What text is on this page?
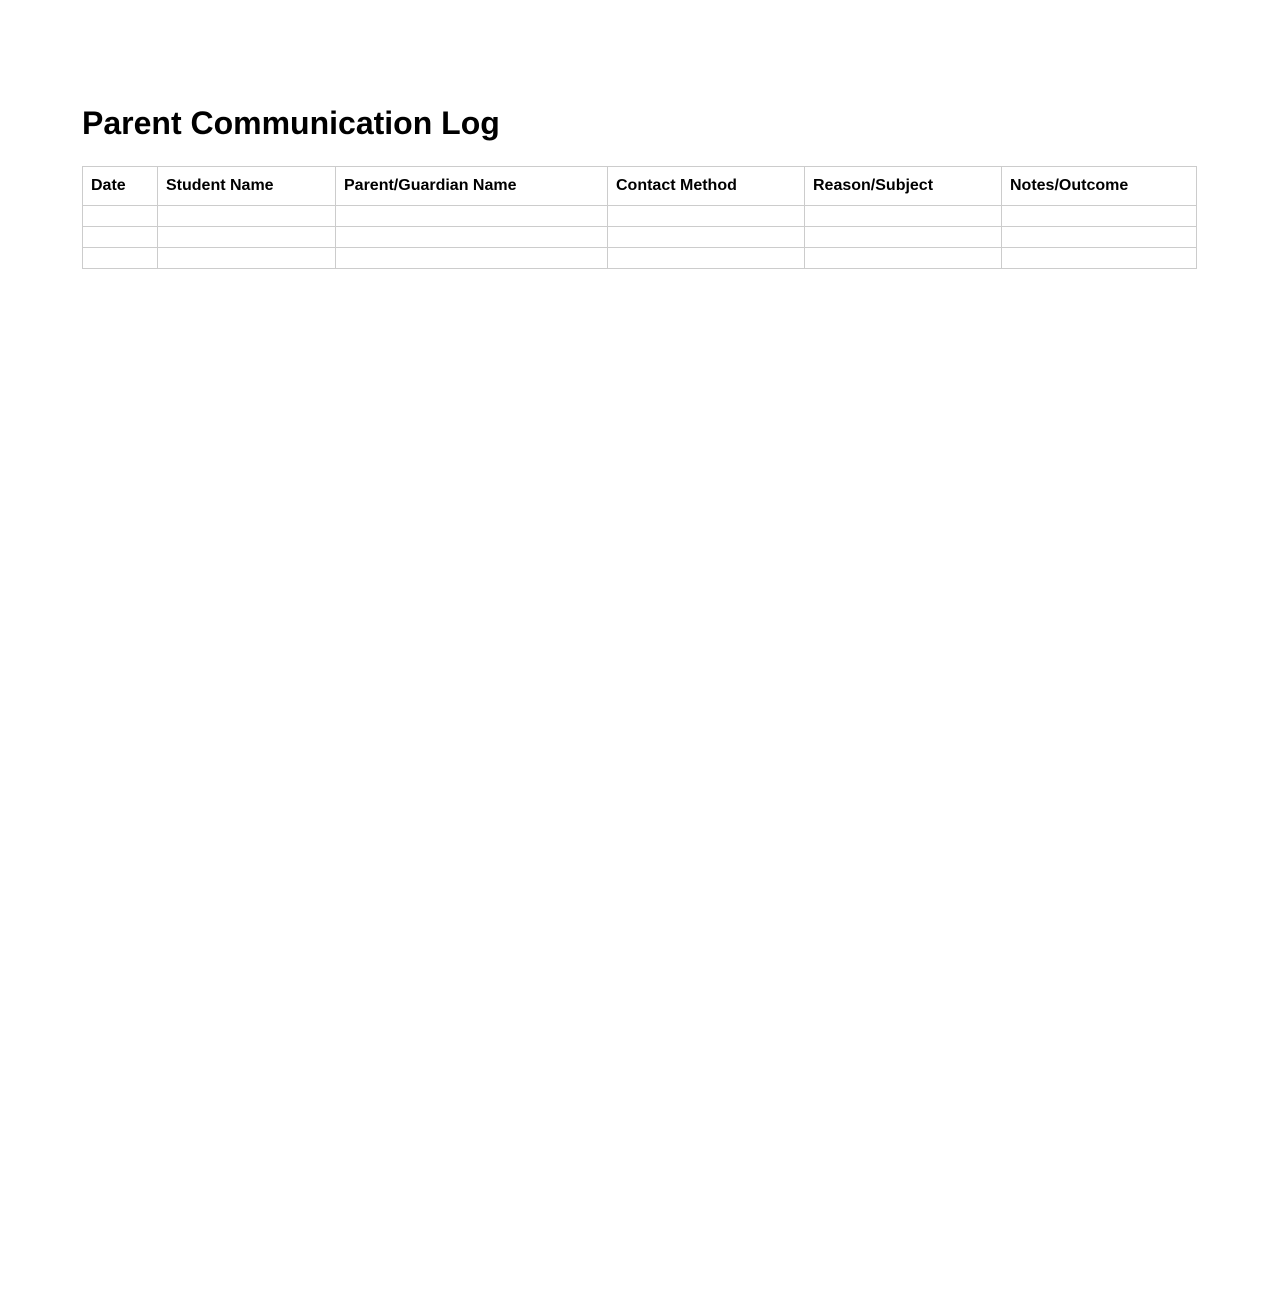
Parent Communication Log
Date	Student Name	Parent/Guardian Name	Contact Method	Reason/Subject	Notes/Outcome
